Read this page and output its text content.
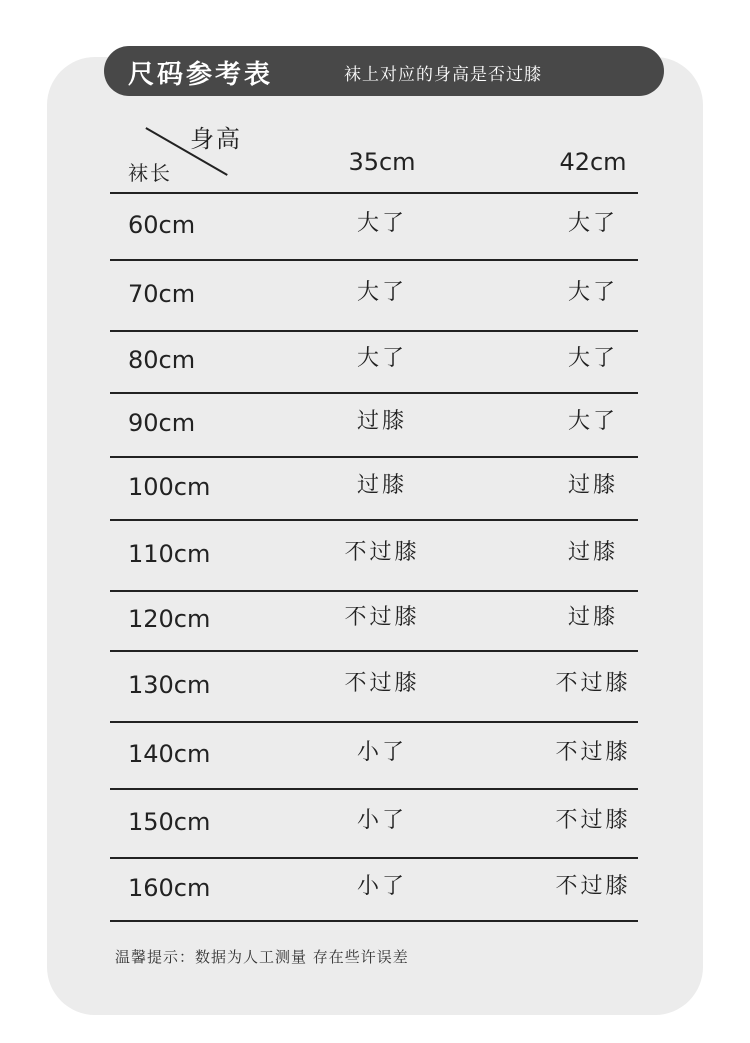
尺码参考表	袜上对应的身高是否过膝
身高
袜长	35cm	42cm
60cm	大了	大了
70cm	大了	大了
80cm	大了	大了
90cm	过膝	大了
100cm	过膝	过膝
110cm	不过膝	过膝
120cm	不过膝	过膝
130cm	不过膝	不过膝
140cm	小了	不过膝
150cm	小了	不过膝
160cm	小了	不过膝
温馨提示：数据为人工测量 存在些许误差
